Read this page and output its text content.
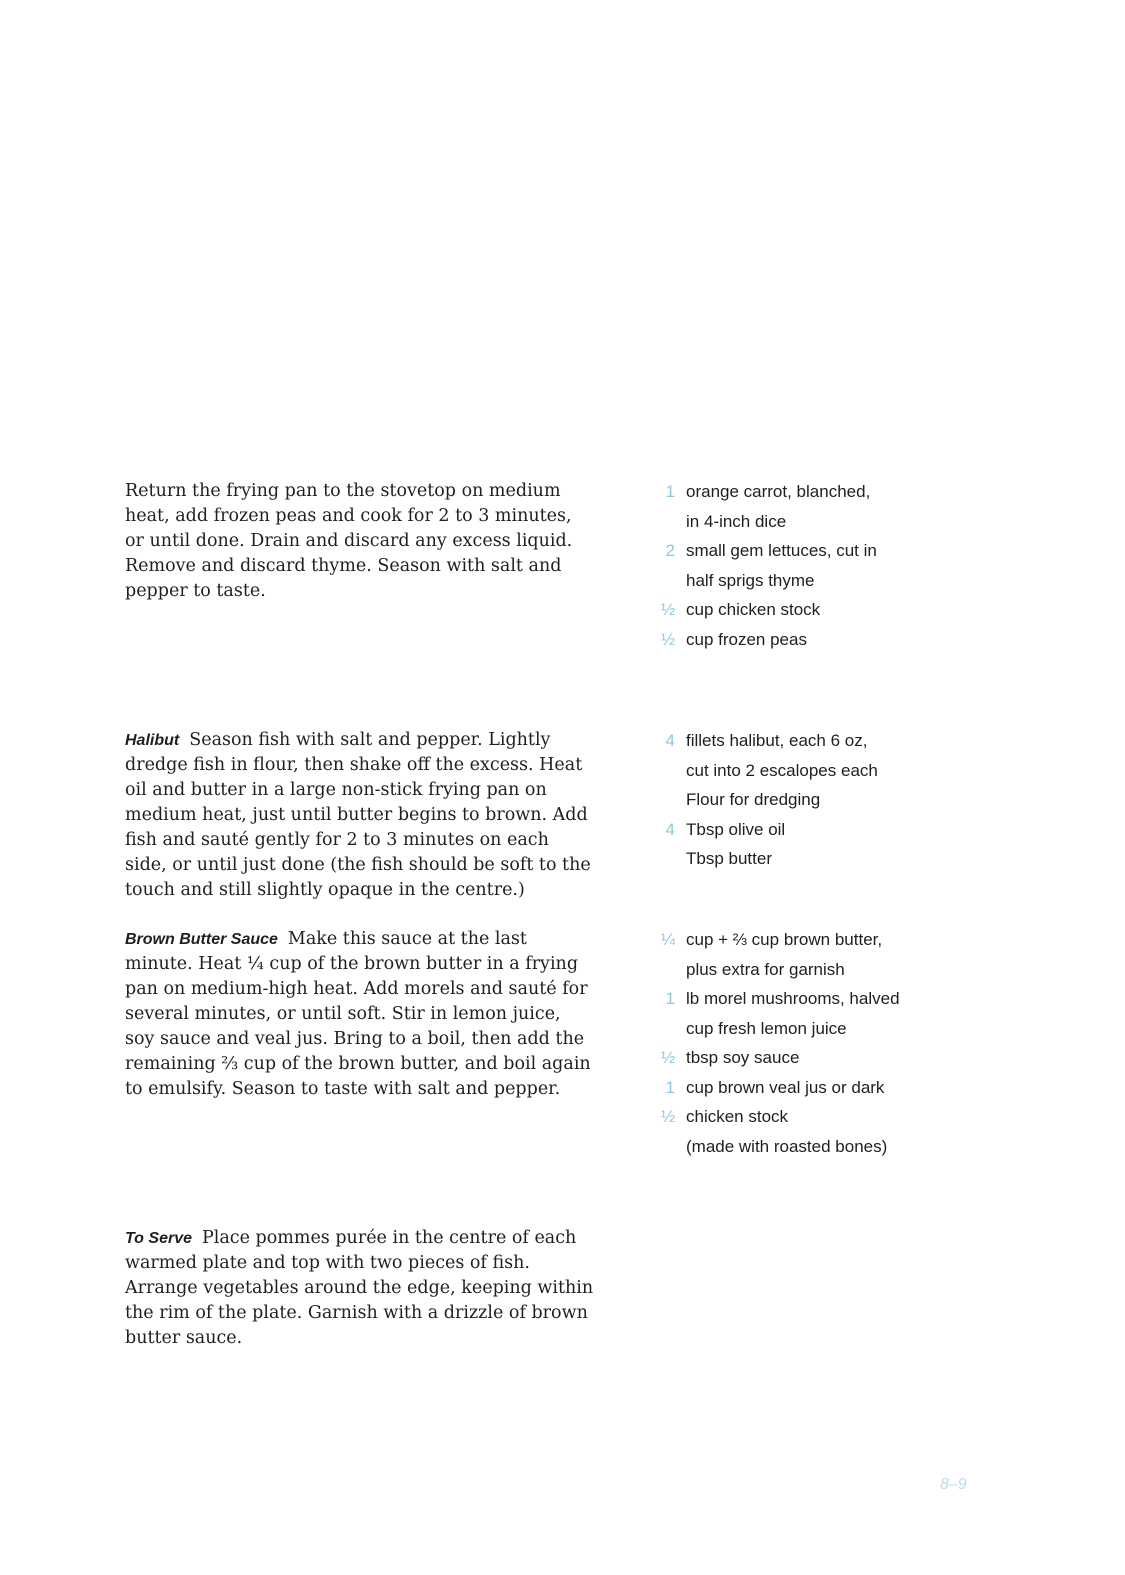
Return the frying pan to the stovetop on medium heat, add frozen peas and cook for 2 to 3 minutes, or until done. Drain and discard any excess liquid. Remove and discard thyme. Season with salt and pepper to taste.
1 orange carrot, blanched,
in 4-inch dice
2 small gem lettuces, cut in
half sprigs thyme
½ cup chicken stock
½ cup frozen peas
Halibut Season fish with salt and pepper. Lightly dredge fish in flour, then shake off the excess. Heat oil and butter in a large non-stick frying pan on medium heat, just until butter begins to brown. Add fish and sauté gently for 2 to 3 minutes on each side, or until just done (the fish should be soft to the touch and still slightly opaque in the centre.)
4 fillets halibut, each 6 oz,
cut into 2 escalopes each
Flour for dredging
4 Tbsp olive oil
Tbsp butter
Brown Butter Sauce Make this sauce at the last minute. Heat ¼ cup of the brown butter in a frying pan on medium-high heat. Add morels and sauté for several minutes, or until soft. Stir in lemon juice, soy sauce and veal jus. Bring to a boil, then add the remaining ⅔ cup of the brown butter, and boil again to emulsify. Season to taste with salt and pepper.
¼ cup + ⅔ cup brown butter,
plus extra for garnish
1 lb morel mushrooms, halved
cup fresh lemon juice
½ tbsp soy sauce
1 cup brown veal jus or dark
½ chicken stock
(made with roasted bones)
To Serve Place pommes purée in the centre of each warmed plate and top with two pieces of fish. Arrange vegetables around the edge, keeping within the rim of the plate. Garnish with a drizzle of brown butter sauce.
8–9
